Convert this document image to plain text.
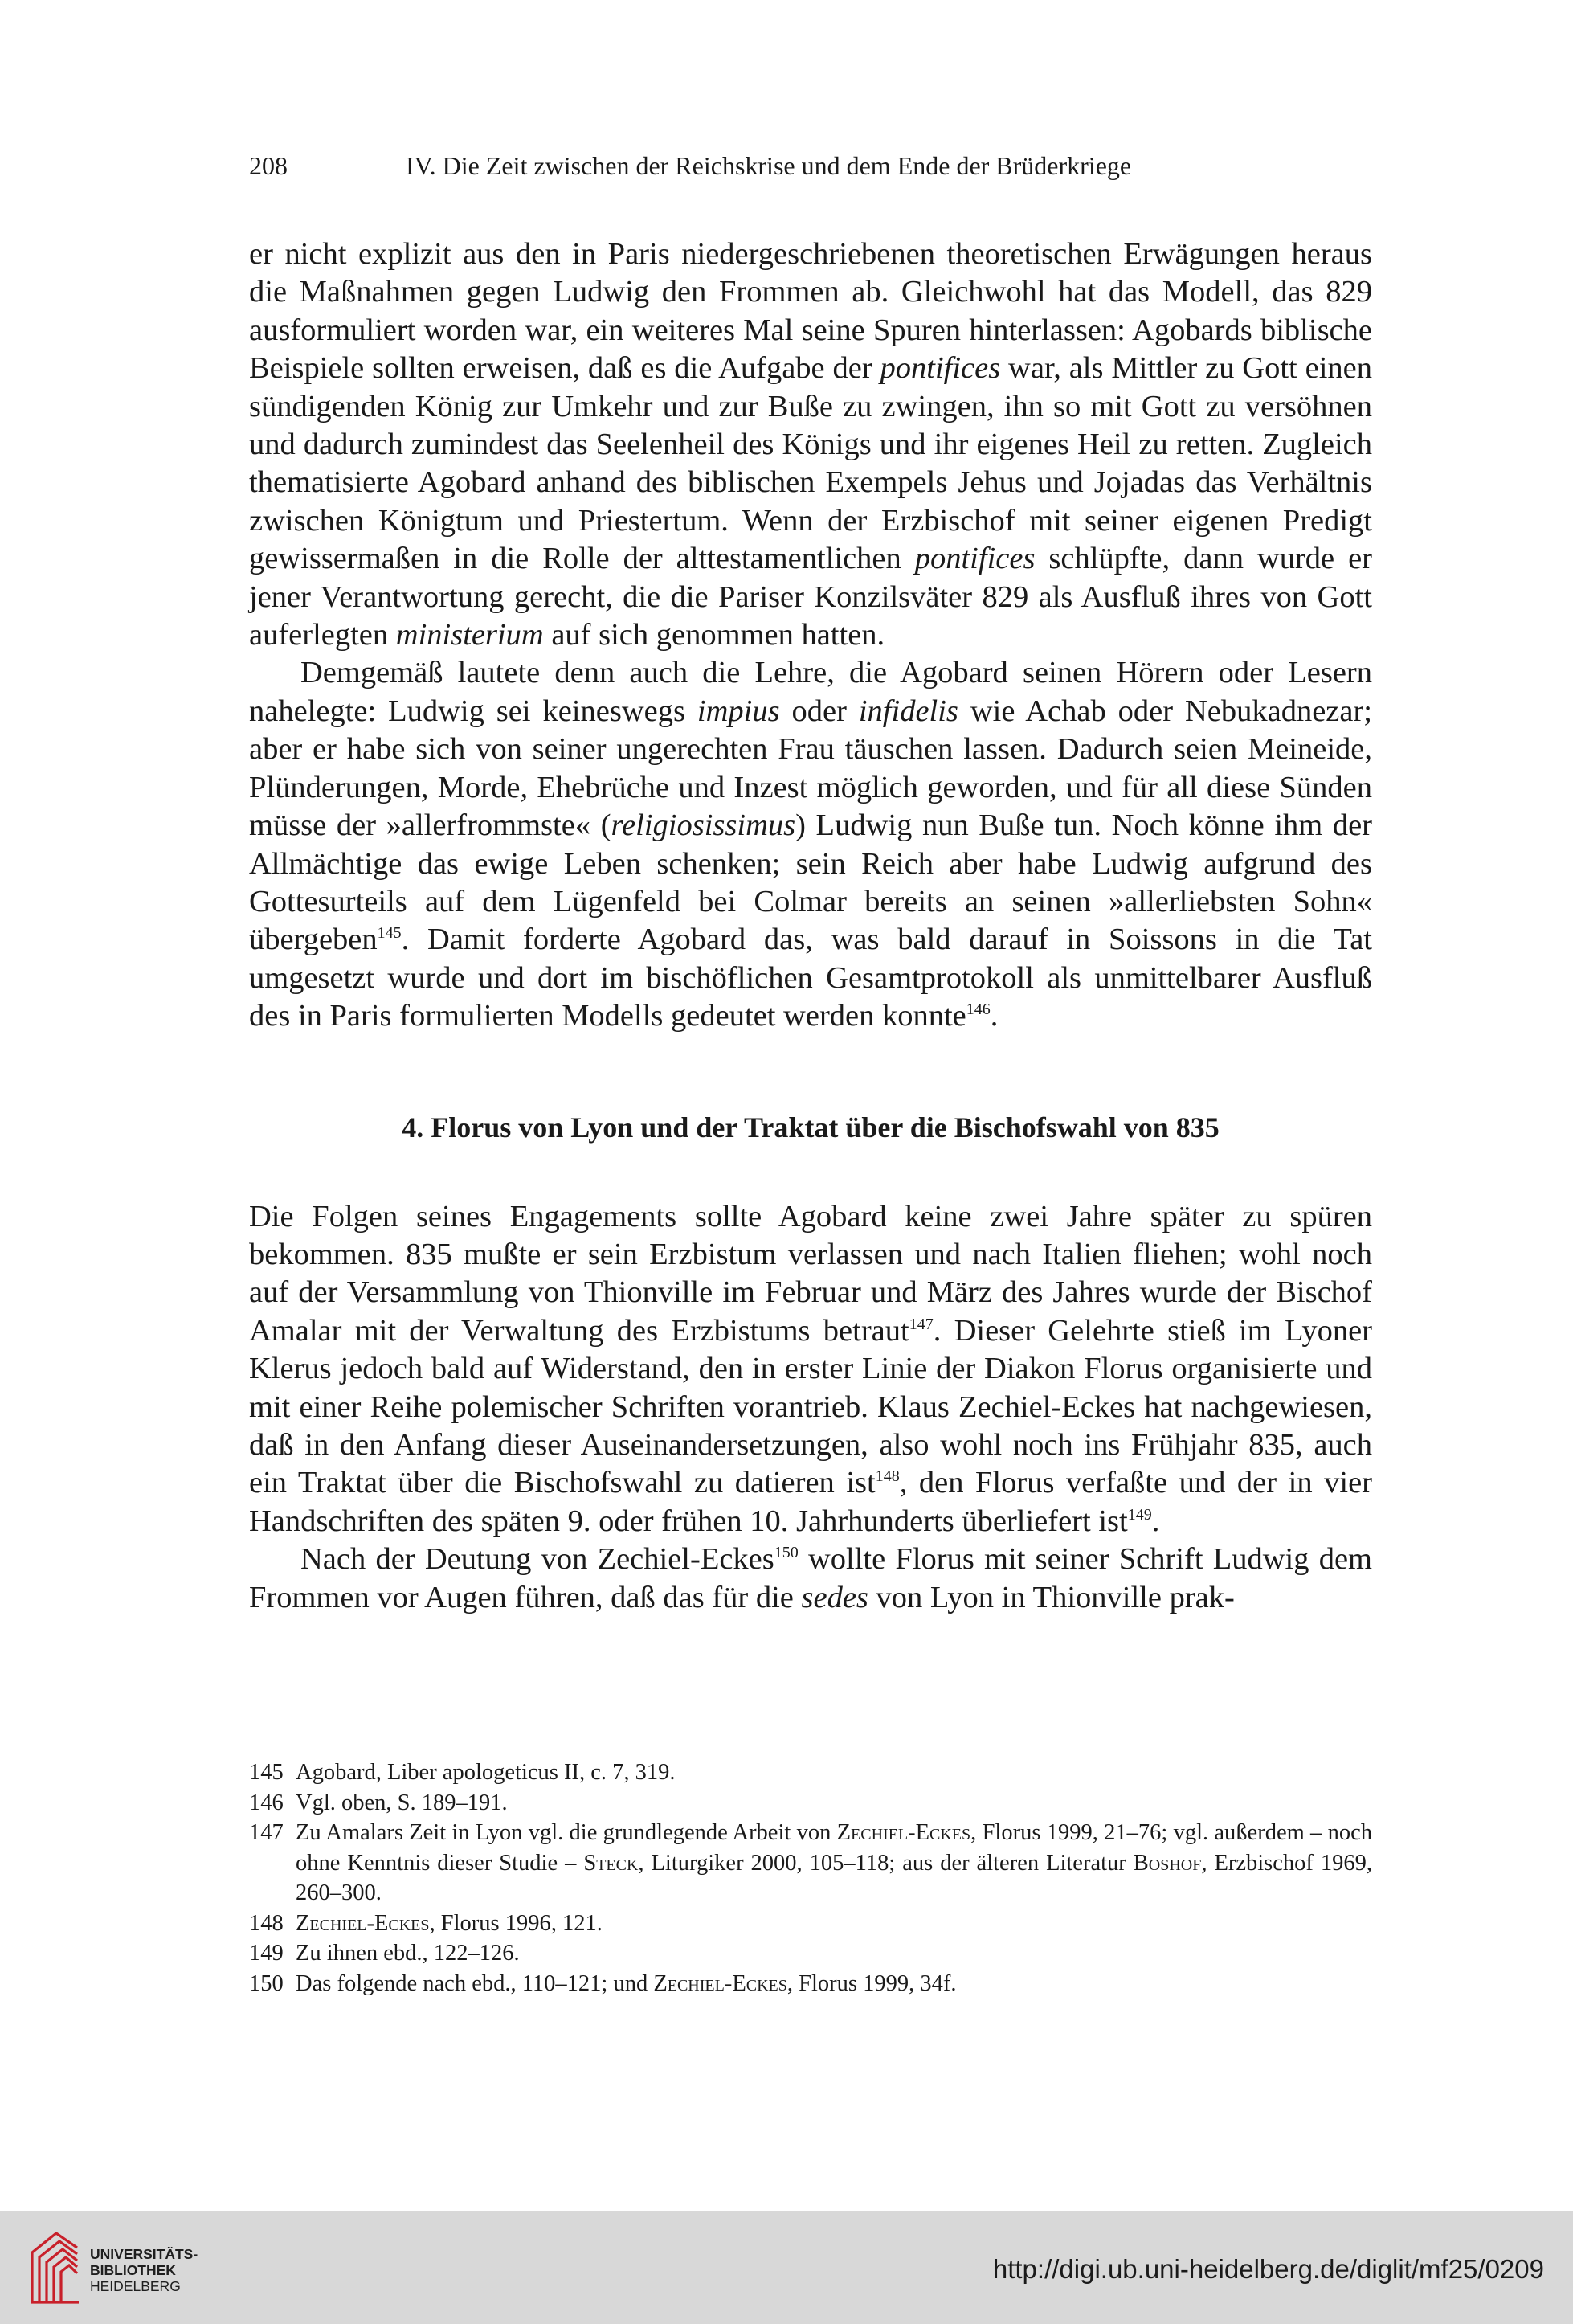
208	IV. Die Zeit zwischen der Reichskrise und dem Ende der Brüderkriege

er nicht explizit aus den in Paris niedergeschriebenen theoretischen Erwägungen heraus die Maßnahmen gegen Ludwig den Frommen ab. Gleichwohl hat das Modell, das 829 ausformuliert worden war, ein weiteres Mal seine Spuren hinterlassen: Agobards biblische Beispiele sollten erweisen, daß es die Aufgabe der pontifices war, als Mittler zu Gott einen sündigenden König zur Umkehr und zur Buße zu zwingen, ihn so mit Gott zu versöhnen und dadurch zumindest das Seelenheil des Königs und ihr eigenes Heil zu retten. Zugleich thematisierte Agobard anhand des biblischen Exempels Jehus und Jojadas das Verhältnis zwischen Königtum und Priestertum. Wenn der Erzbischof mit seiner eigenen Predigt gewissermaßen in die Rolle der alttestamentlichen pontifices schlüpfte, dann wurde er jener Verantwortung gerecht, die die Pariser Konzilsväter 829 als Ausfluß ihres von Gott auferlegten ministerium auf sich genommen hatten.

Demgemäß lautete denn auch die Lehre, die Agobard seinen Hörern oder Lesern nahelegte: Ludwig sei keineswegs impius oder infidelis wie Achab oder Nebukadnezar; aber er habe sich von seiner ungerechten Frau täuschen lassen. Dadurch seien Meineide, Plünderungen, Morde, Ehebrüche und Inzest möglich geworden, und für all diese Sünden müsse der »allerfrommste« (religiosissimus) Ludwig nun Buße tun. Noch könne ihm der Allmächtige das ewige Leben schenken; sein Reich aber habe Ludwig aufgrund des Gottesurteils auf dem Lügenfeld bei Colmar bereits an seinen »allerliebsten Sohn« übergeben$^{145}$. Damit forderte Agobard das, was bald darauf in Soissons in die Tat umgesetzt wurde und dort im bischöflichen Gesamtprotokoll als unmittelbarer Ausfluß des in Paris formulierten Modells gedeutet werden konnte$^{146}$.

4. Florus von Lyon und der Traktat über die Bischofswahl von 835

Die Folgen seines Engagements sollte Agobard keine zwei Jahre später zu spüren bekommen. 835 mußte er sein Erzbistum verlassen und nach Italien fliehen; wohl noch auf der Versammlung von Thionville im Februar und März des Jahres wurde der Bischof Amalar mit der Verwaltung des Erzbistums betraut$^{147}$. Dieser Gelehrte stieß im Lyoner Klerus jedoch bald auf Widerstand, den in erster Linie der Diakon Florus organisierte und mit einer Reihe polemischer Schriften vorantrieb. Klaus Zechiel-Eckes hat nachgewiesen, daß in den Anfang dieser Auseinandersetzungen, also wohl noch ins Frühjahr 835, auch ein Traktat über die Bischofswahl zu datieren ist$^{148}$, den Florus verfaßte und der in vier Handschriften des späten 9. oder frühen 10. Jahrhunderts überliefert ist$^{149}$.

Nach der Deutung von Zechiel-Eckes$^{150}$ wollte Florus mit seiner Schrift Ludwig dem Frommen vor Augen führen, daß das für die sedes von Lyon in Thionville prak-

145 Agobard, Liber apologeticus II, c. 7, 319.

146 Vgl. oben, S. 189–191.

147 Zu Amalars Zeit in Lyon vgl. die grundlegende Arbeit von Zechiel-Eckes, Florus 1999, 21–76; vgl. außerdem – noch ohne Kenntnis dieser Studie – Steck, Liturgiker 2000, 105–118; aus der älteren Literatur Boshof, Erzbischof 1969, 260–300.

148 Zechiel-Eckes, Florus 1996, 121.

149 Zu ihnen ebd., 122–126.

150 Das folgende nach ebd., 110–121; und Zechiel-Eckes, Florus 1999, 34f.

UNIVERSITÄTS-
BIBLIOTHEK
HEIDELBERG
http://digi.ub.uni-heidelberg.de/diglit/mf25/0209
